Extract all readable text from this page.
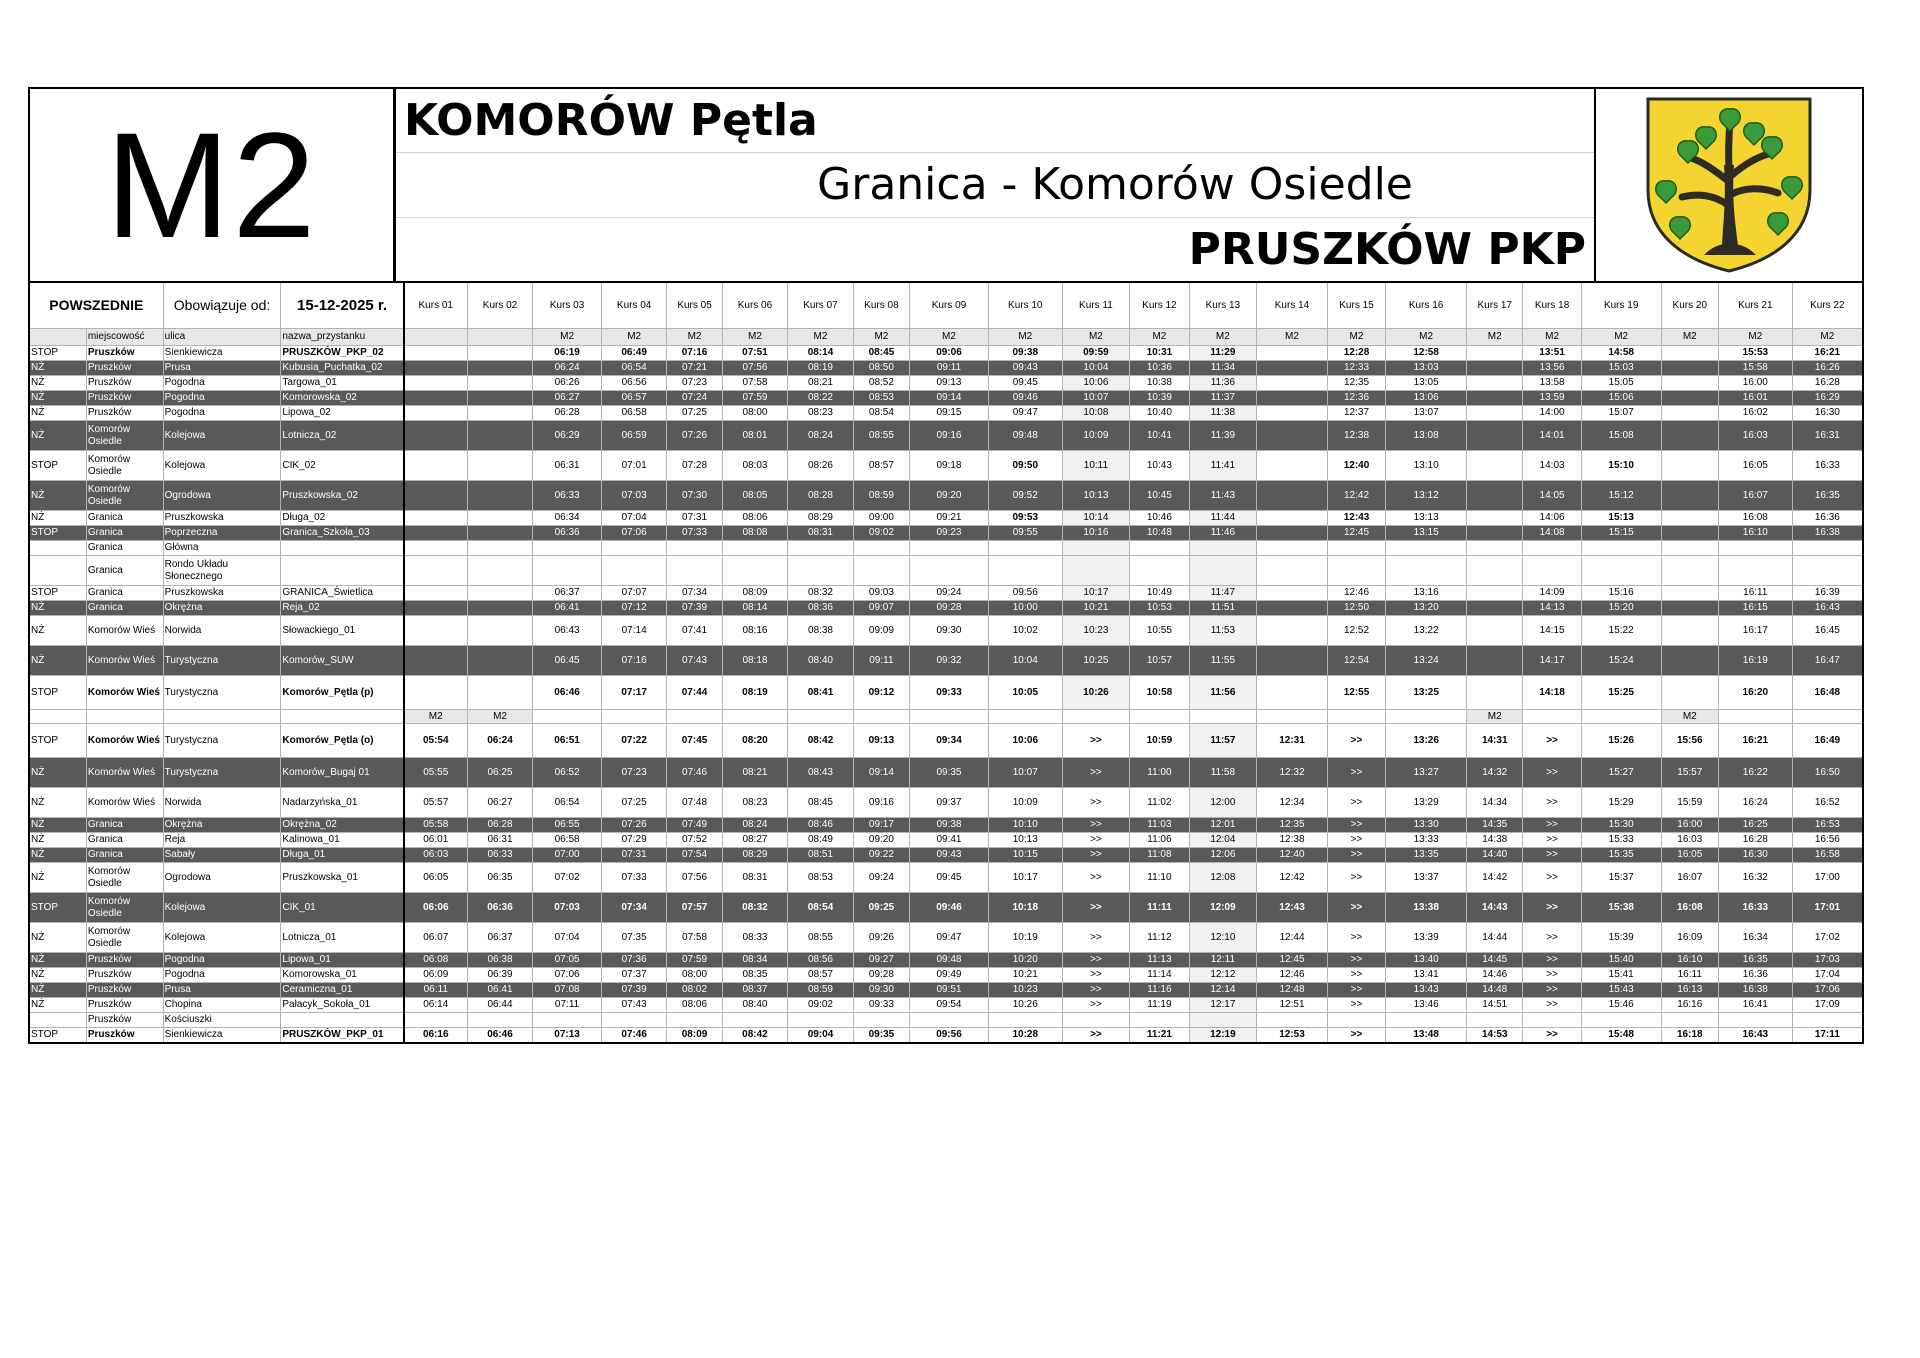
M2	KOMORÓW Pętla
Granica - Komorów Osiedle
PRUSZKÓW PKP
POWSZEDNIE		Obowiązuje od:	15-12-2025 r.	Kurs 01	Kurs 02	Kurs 03	Kurs 04	Kurs 05	Kurs 06	Kurs 07	Kurs 08	Kurs 09	Kurs 10	Kurs 11	Kurs 12	Kurs 13	Kurs 14	Kurs 15	Kurs 16	Kurs 17	Kurs 18	Kurs 19	Kurs 20	Kurs 21	Kurs 22
	miejscowość	ulica	nazwa_przystanku			M2	M2	M2	M2	M2	M2	M2	M2	M2	M2	M2	M2	M2	M2	M2	M2	M2	M2	M2	M2
STOP	Pruszków	Sienkiewicza	PRUSZKÓW_PKP_02			06:19	06:49	07:16	07:51	08:14	08:45	09:06	09:38	09:59	10:31	11:29		12:28	12:58		13:51	14:58		15:53	16:21
NŻ	Pruszków	Prusa	Kubusia_Puchatka_02			06:24	06:54	07:21	07:56	08:19	08:50	09:11	09:43	10:04	10:36	11:34		12:33	13:03		13:56	15:03		15:58	16:26
NŻ	Pruszków	Pogodna	Targowa_01			06:26	06:56	07:23	07:58	08:21	08:52	09:13	09:45	10:06	10:38	11:36		12:35	13:05		13:58	15:05		16:00	16:28
NŻ	Pruszków	Pogodna	Komorowska_02			06:27	06:57	07:24	07:59	08:22	08:53	09:14	09:46	10:07	10:39	11:37		12:36	13:06		13:59	15:06		16:01	16:29
NŻ	Pruszków	Pogodna	Lipowa_02			06:28	06:58	07:25	08:00	08:23	08:54	09:15	09:47	10:08	10:40	11:38		12:37	13:07		14:00	15:07		16:02	16:30
NŻ	Komorów Osiedle	Kolejowa	Lotnicza_02			06:29	06:59	07:26	08:01	08:24	08:55	09:16	09:48	10:09	10:41	11:39		12:38	13:08		14:01	15:08		16:03	16:31
STOP	Komorów Osiedle	Kolejowa	CIK_02			06:31	07:01	07:28	08:03	08:26	08:57	09:18	09:50	10:11	10:43	11:41		12:40	13:10		14:03	15:10		16:05	16:33
NŻ	Komorów Osiedle	Ogrodowa	Pruszkowska_02			06:33	07:03	07:30	08:05	08:28	08:59	09:20	09:52	10:13	10:45	11:43		12:42	13:12		14:05	15:12		16:07	16:35
NŻ	Granica	Pruszkowska	Długa_02			06:34	07:04	07:31	08:06	08:29	09:00	09:21	09:53	10:14	10:46	11:44		12:43	13:13		14:06	15:13		16:08	16:36
STOP	Granica	Poprzeczna	Granica_Szkoła_03			06:36	07:06	07:33	08:08	08:31	09:02	09:23	09:55	10:16	10:48	11:46		12:45	13:15		14:08	15:15		16:10	16:38
	Granica	Główna																							
	Granica	Rondo Układu Słonecznego																							
STOP	Granica	Pruszkowska	GRANICA_Świetlica			06:37	07:07	07:34	08:09	08:32	09:03	09:24	09:56	10:17	10:49	11:47		12:46	13:16		14:09	15:16		16:11	16:39
NŻ	Granica	Okrężna	Reja_02			06:41	07:12	07:39	08:14	08:36	09:07	09:28	10:00	10:21	10:53	11:51		12:50	13:20		14:13	15:20		16:15	16:43
NŻ	Komorów Wieś	Norwida	Słowackiego_01			06:43	07:14	07:41	08:16	08:38	09:09	09:30	10:02	10:23	10:55	11:53		12:52	13:22		14:15	15:22		16:17	16:45
NŻ	Komorów Wieś	Turystyczna	Komorów_SUW			06:45	07:16	07:43	08:18	08:40	09:11	09:32	10:04	10:25	10:57	11:55		12:54	13:24		14:17	15:24		16:19	16:47
STOP	Komorów Wieś	Turystyczna	Komorów_Pętla (p)			06:46	07:17	07:44	08:19	08:41	09:12	09:33	10:05	10:26	10:58	11:56		12:55	13:25		14:18	15:25		16:20	16:48
				M2	M2															M2			M2		
STOP	Komorów Wieś	Turystyczna	Komorów_Pętla (o)	05:54	06:24	06:51	07:22	07:45	08:20	08:42	09:13	09:34	10:06	>>	10:59	11:57	12:31	>>	13:26	14:31	>>	15:26	15:56	16:21	16:49
NŻ	Komorów Wieś	Turystyczna	Komorów_Bugaj 01	05:55	06:25	06:52	07:23	07:46	08:21	08:43	09:14	09:35	10:07	>>	11:00	11:58	12:32	>>	13:27	14:32	>>	15:27	15:57	16:22	16:50
NŻ	Komorów Wieś	Norwida	Nadarzyńska_01	05:57	06:27	06:54	07:25	07:48	08:23	08:45	09:16	09:37	10:09	>>	11:02	12:00	12:34	>>	13:29	14:34	>>	15:29	15:59	16:24	16:52
NŻ	Granica	Okrężna	Okrężna_02	05:58	06:28	06:55	07:26	07:49	08:24	08:46	09:17	09:38	10:10	>>	11:03	12:01	12:35	>>	13:30	14:35	>>	15:30	16:00	16:25	16:53
NŻ	Granica	Reja	Kalinowa_01	06:01	06:31	06:58	07:29	07:52	08:27	08:49	09:20	09:41	10:13	>>	11:06	12:04	12:38	>>	13:33	14:38	>>	15:33	16:03	16:28	16:56
NŻ	Granica	Sabały	Długa_01	06:03	06:33	07:00	07:31	07:54	08:29	08:51	09:22	09:43	10:15	>>	11:08	12:06	12:40	>>	13:35	14:40	>>	15:35	16:05	16:30	16:58
NŻ	Komorów Osiedle	Ogrodowa	Pruszkowska_01	06:05	06:35	07:02	07:33	07:56	08:31	08:53	09:24	09:45	10:17	>>	11:10	12:08	12:42	>>	13:37	14:42	>>	15:37	16:07	16:32	17:00
STOP	Komorów Osiedle	Kolejowa	CIK_01	06:06	06:36	07:03	07:34	07:57	08:32	08:54	09:25	09:46	10:18	>>	11:11	12:09	12:43	>>	13:38	14:43	>>	15:38	16:08	16:33	17:01
NŻ	Komorów Osiedle	Kolejowa	Lotnicza_01	06:07	06:37	07:04	07:35	07:58	08:33	08:55	09:26	09:47	10:19	>>	11:12	12:10	12:44	>>	13:39	14:44	>>	15:39	16:09	16:34	17:02
NŻ	Pruszków	Pogodna	Lipowa_01	06:08	06:38	07:05	07:36	07:59	08:34	08:56	09:27	09:48	10:20	>>	11:13	12:11	12:45	>>	13:40	14:45	>>	15:40	16:10	16:35	17:03
NŻ	Pruszków	Pogodna	Komorowska_01	06:09	06:39	07:06	07:37	08:00	08:35	08:57	09:28	09:49	10:21	>>	11:14	12:12	12:46	>>	13:41	14:46	>>	15:41	16:11	16:36	17:04
NŻ	Pruszków	Prusa	Ceramiczna_01	06:11	06:41	07:08	07:39	08:02	08:37	08:59	09:30	09:51	10:23	>>	11:16	12:14	12:48	>>	13:43	14:48	>>	15:43	16:13	16:38	17:06
NŻ	Pruszków	Chopina	Pałacyk_Sokoła_01	06:14	06:44	07:11	07:43	08:06	08:40	09:02	09:33	09:54	10:26	>>	11:19	12:17	12:51	>>	13:46	14:51	>>	15:46	16:16	16:41	17:09
	Pruszków	Kościuszki																							
STOP	Pruszków	Sienkiewicza	PRUSZKÓW_PKP_01	06:16	06:46	07:13	07:46	08:09	08:42	09:04	09:35	09:56	10:28	>>	11:21	12:19	12:53	>>	13:48	14:53	>>	15:48	16:18	16:43	17:11
